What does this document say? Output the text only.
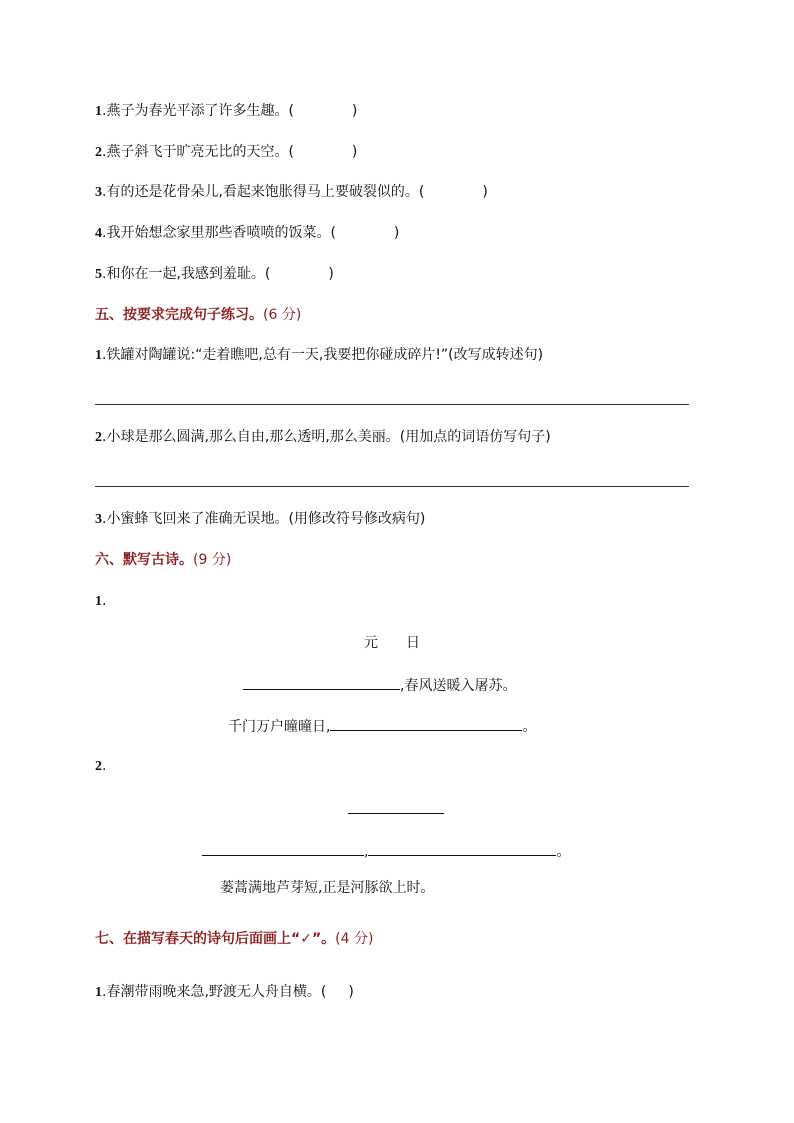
1.燕子为春光平添了许多生趣。(	)
2.燕子斜飞于旷亮无比的天空。(	)
3.有的还是花骨朵儿,看起来饱胀得马上要破裂似的。(	)
4.我开始想念家里那些香喷喷的饭菜。(	)
5.和你在一起,我感到羞耻。(	)
五、按要求完成句子练习。(6 分)
1.铁罐对陶罐说:“走着瞧吧,总有一天,我要把你碰成碎片!”(改写成转述句)
2.小球是那么圆满,那么自由,那么透明,那么美丽。(用加点的词语仿写句子)
3.小蜜蜂飞回来了准确无误地。(用修改符号修改病句)
六、默写古诗。(9 分)
1.
元　　日
,春风送暖入屠苏。
千门万户曈曈日,	。
2.
,	。
蒌蒿满地芦芽短,正是河豚欲上时。
七、在描写春天的诗句后面画上“✓”。(4 分)
1.春潮带雨晚来急,野渡无人舟自横。( )
